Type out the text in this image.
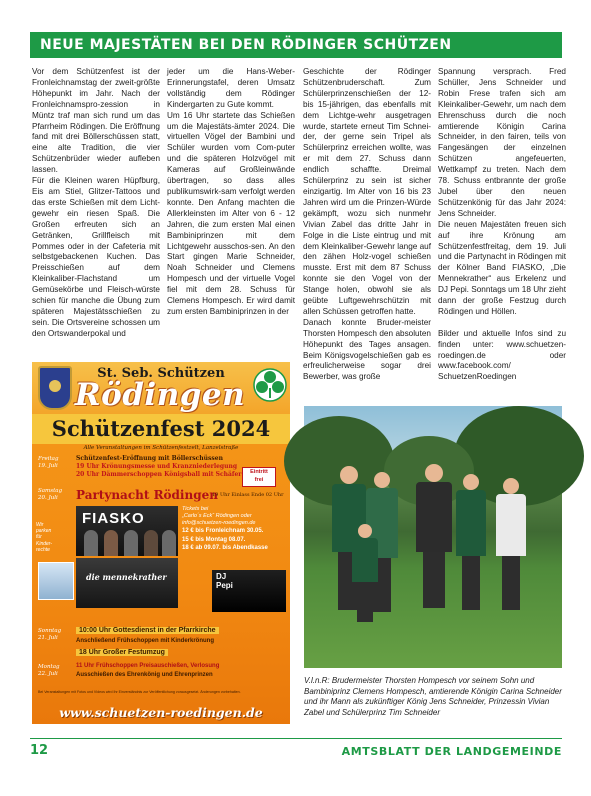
NEUE MAJESTÄTEN BEI DEN RÖDINGER SCHÜTZEN
Vor dem Schützenfest ist der Fronleichnamstag der zweit-größte Höhepunkt im Jahr. Nach der Fronleichnamspro-zession in Müntz traf man sich rund um das Pfarrheim Rödingen. Die Eröffnung fand mit drei Böllerschüssen statt, eine alte Tradition, die vier Schützenbrüder wieder aufleben lassen.
Für die Kleinen waren Hüpfburg, Eis am Stiel, Glitzer-Tattoos und das erste Schießen mit dem Licht-gewehr ein riesen Spaß. Die Großen erfreuten sich an Getränken, Grillfleisch mit Pommes oder in der Cafeteria mit selbstgebackenen Kuchen. Das Preisschießen auf dem Kleinkaliber-Flachstand um Gemüsekörbe und Fleisch-würste schien für manche die Übung zum späteren Majestätsschießen zu sein. Die Ortsvereine schossen um den Ortswanderpokal und
jeder um die Hans-Weber-Erinnerungstafel, deren Umsatz vollständig dem Rödinger Kindergarten zu Gute kommt.
Um 16 Uhr startete das Schießen um die Majestäts-ämter 2024. Die virtuellen Vögel der Bambini und Schüler wurden vom Com-puter und die späteren Holzvögel mit Kameras auf Großleinwände übertragen, so dass alles publikumswirk-sam verfolgt werden konnte. Den Anfang machten die Allerkleinsten im Alter von 6 - 12 Jahren, die zum ersten Mal einen Bambiniprinzen mit dem Lichtgewehr ausschos-sen. An den Start gingen Marie Schneider, Noah Schneider und Clemens Hompesch und der virtuelle Vogel fiel mit dem 28. Schuss für Clemens Hompesch. Er wird damit zum ersten Bambiniprinzen in der
Geschichte der Rödinger Schützenbruderschaft. Zum Schülerprinzenschießen der 12- bis 15-jährigen, das ebenfalls mit dem Lichtge-wehr ausgetragen wurde, startete erneut Tim Schnei-der, der gerne sein Tripel als Schülerprinz erreichen wollte, was er mit dem 27. Schuss dann endlich schaffte. Dreimal Schülerprinz zu sein ist sicher einzigartig. Im Alter von 16 bis 23 Jahren wird um die Prinzen-Würde gekämpft, wozu sich nunmehr Vivian Zabel das dritte Jahr in Folge in die Liste eintrug und mit dem Kleinkaliber-Gewehr lange auf den zähen Holz-vogel schießen musste. Erst mit dem 87 Schuss konnte sie den Vogel von der Stange holen, obwohl sie als geübte Luftgewehrschützin mit allen Schüssen getroffen hatte.
Danach konnte Bruder-meister Thorsten Hompesch den absoluten Höhepunkt des Tages ansagen. Beim Königsvogelschießen gab es erfreulicherweise sogar drei Bewerber, was große
Spannung versprach. Fred Schüller, Jens Schneider und Robin Frese trafen sich am Kleinkaliber-Gewehr, um nach dem Ehrenschuss durch die noch amtierende Königin Carina Schneider, in den fairen, teils von Fangesängen der einzelnen Schützen angefeuerten, Wettkampf zu treten. Nach dem 78. Schuss entbrannte der große Jubel über den neuen Schützenkönig für das Jahr 2024: Jens Schneider.
Die neuen Majestäten freuen sich auf ihre Krönung am Schützenfestfreitag, dem 19. Juli und die Partynacht in Rödingen mit der Kölner Band FIASKO, „Die Mennekrather“ aus Erkelenz und DJ Pepi. Sonntags um 18 Uhr zieht dann der große Festzug durch Rödingen und Höllen.

Bilder und aktuelle Infos sind zu finden unter: www.schuetzen-roedingen.de oder www.facebook.com/ SchuetzenRoedingen
St. Seb. Schützen
Rödingen
Schützenfest 2024
Alle Veranstaltungen im Schützenfestzelt, Lanzelstraße
Freitag
19. Juli
Schützenfest-Eröffnung mit Böllerschüssen
19 Uhr Krönungsmesse und Kranzniederlegung
20 Uhr Dämmerschoppen Königsball mit Schäfer	Eintritt
frei
Samstag
20. Juli	Partynacht Rödingen
19 Uhr Einlass Ende 02 Uhr
FIASKO
Tickets bei
„Carlo´s Eck“ Rödingen oder
info@schuetzen-roedingen.de
12 € bis Fronleichnam 30.05.
15 € bis Montag 08.07.
18 € ab 09.07. bis Abendkasse
Wir
parken
für
Kinder-
rechte
die mennekrather	DJ
Pepi
Sonntag
21. Juli
10:00 Uhr Gottesdienst in der Pfarrkirche
Anschließend Frühschoppen mit Kinderkrönung
18 Uhr Großer Festumzug
Montag
22. Juli
11 Uhr Frühschoppen Preisauschießen, Verlosung
Ausschießen des Ehrenkönig und Ehrenprinzen
Bei Veranstaltungen mit Fotos und Videos wird Ihr Einverständnis zur Veröffentlichung vorausgesetzt. Änderungen vorbehalten.
www.schuetzen-roedingen.de
V.l.n.R: Brudermeister Thorsten Hompesch vor seinem Sohn und Bambiniprinz Clemens Hompesch, amtierende Königin Carina Schneider und ihr Mann als zukünftiger König Jens Schneider, Prinzessin Vivian Zabel und Schülerprinz Tim Schneider
12	AMTSBLATT DER LANDGEMEINDE
